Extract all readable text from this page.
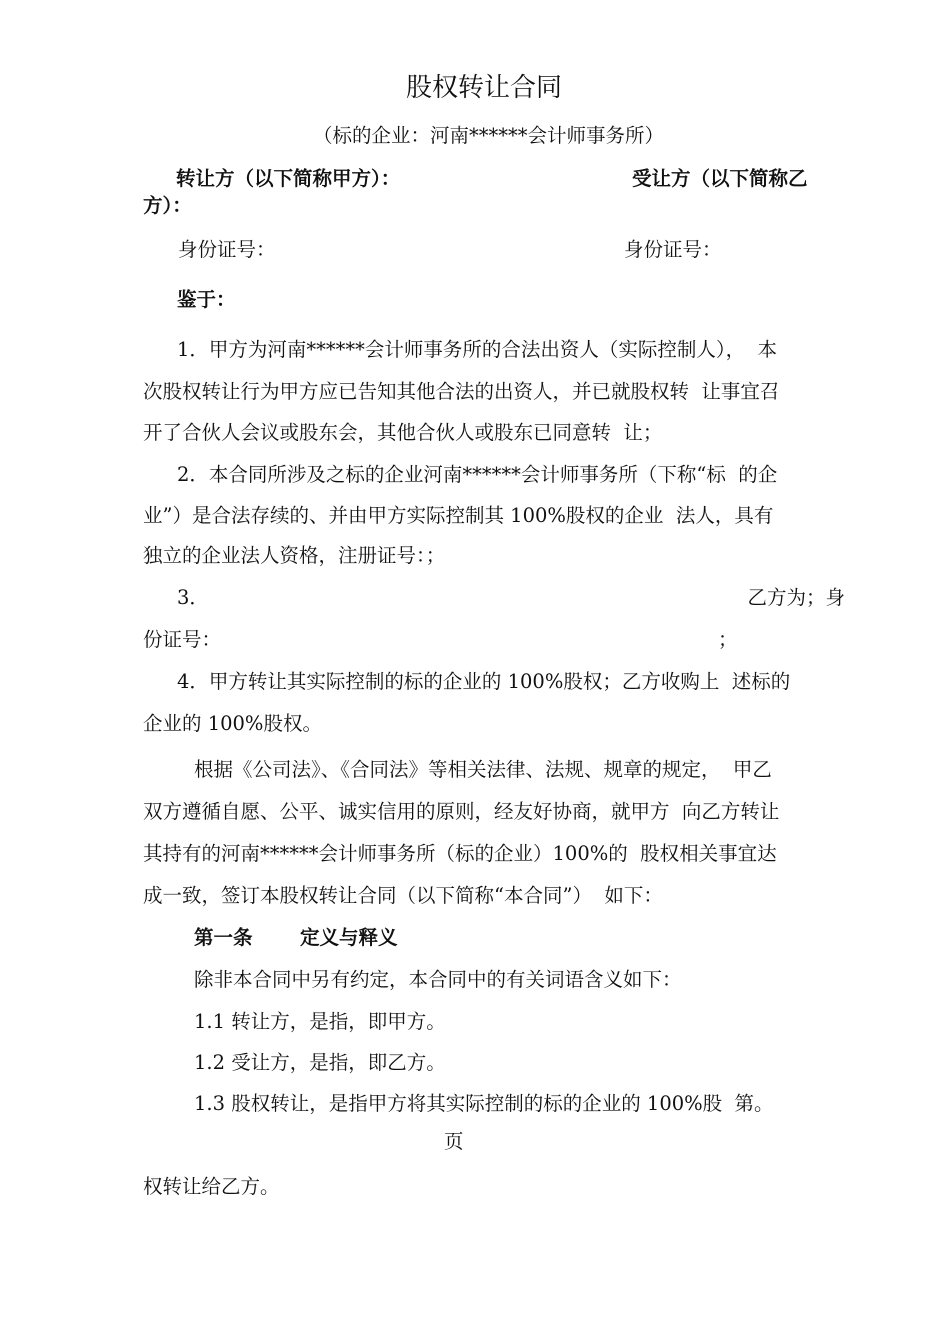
股权转让合同
（标的企业：河南******会计师事务所）
转让方（以下简称甲方）：	受让方（以下简称乙
方）：
身份证号：	身份证号：
鉴于：
1．甲方为河南******会计师事务所的合法出资人（实际控制人），  本
次股权转让行为甲方应已告知其他合法的出资人，并已就股权转  让事宜召
开了合伙人会议或股东会，其他合伙人或股东已同意转  让；
2．本合同所涉及之标的企业河南******会计师事务所（下称“标  的企
业”）是合法存续的、并由甲方实际控制其 100%股权的企业  法人，具有
独立的企业法人资格，注册证号：；
3．	乙方为；身
份证号：	；
4．甲方转让其实际控制的标的企业的 100%股权；乙方收购上  述标的
企业的 100%股权。
根据《公司法》、《合同法》等相关法律、法规、规章的规定，  甲乙
双方遵循自愿、公平、诚实信用的原则，经友好协商，就甲方  向乙方转让
其持有的河南******会计师事务所（标的企业）100%的  股权相关事宜达
成一致，签订本股权转让合同（以下简称“本合同”）  如下：
第一条 定义与释义
除非本合同中另有约定，本合同中的有关词语含义如下：
1.1 转让方，是指，即甲方。
1.2 受让方，是指，即乙方。
1.3 股权转让，是指甲方将其实际控制的标的企业的 100%股  第。
页
权转让给乙方。
